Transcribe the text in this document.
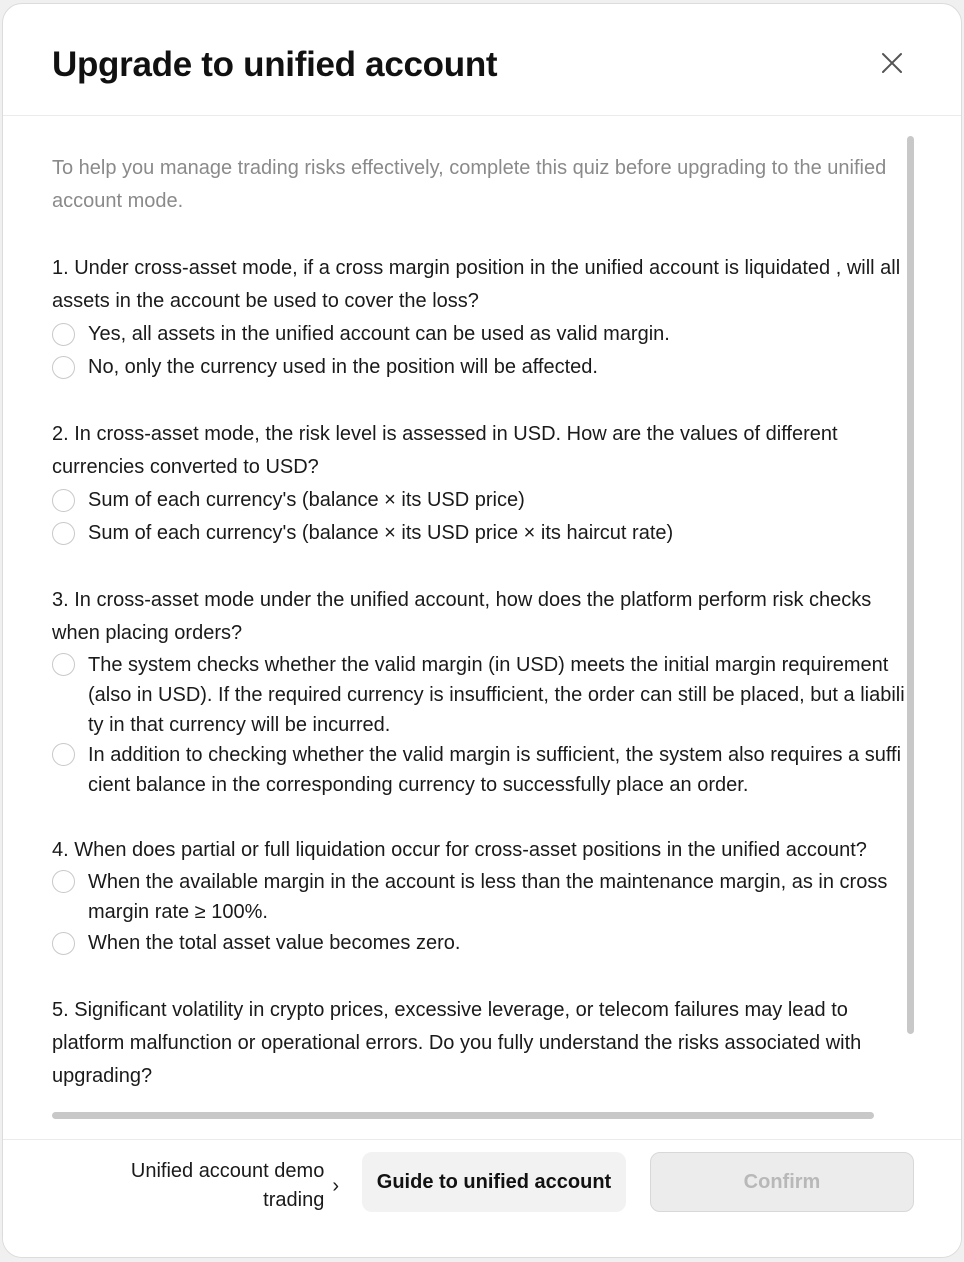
Upgrade to unified account
To help you manage trading risks effectively, complete this quiz before upgrading to the unified account mode.
1. Under cross-asset mode, if a cross margin position in the unified account is liquidated , will all assets in the account be used to cover the loss?
Yes, all assets in the unified account can be used as valid margin.
No, only the currency used in the position will be affected.
2. In cross-asset mode, the risk level is assessed in USD. How are the values of different currencies converted to USD?
Sum of each currency's (balance × its USD price)
Sum of each currency's (balance × its USD price × its haircut rate)
3. In cross-asset mode under the unified account, how does the platform perform risk checks when placing orders?
The system checks whether the valid margin (in USD) meets the initial margin requirement (also in USD). If the required currency is insufficient, the order can still be placed, but a liability in that currency will be incurred.
In addition to checking whether the valid margin is sufficient, the system also requires a sufficient balance in the corresponding currency to successfully place an order.
4. When does partial or full liquidation occur for cross-asset positions in the unified account?
When the available margin in the account is less than the maintenance margin, as in cross margin rate ≥ 100%.
When the total asset value becomes zero.
5. Significant volatility in crypto prices, excessive leverage, or telecom failures may lead to platform malfunction or operational errors. Do you fully understand the risks associated with upgrading?
Unified account demo trading
›	Guide to unified account	Confirm
